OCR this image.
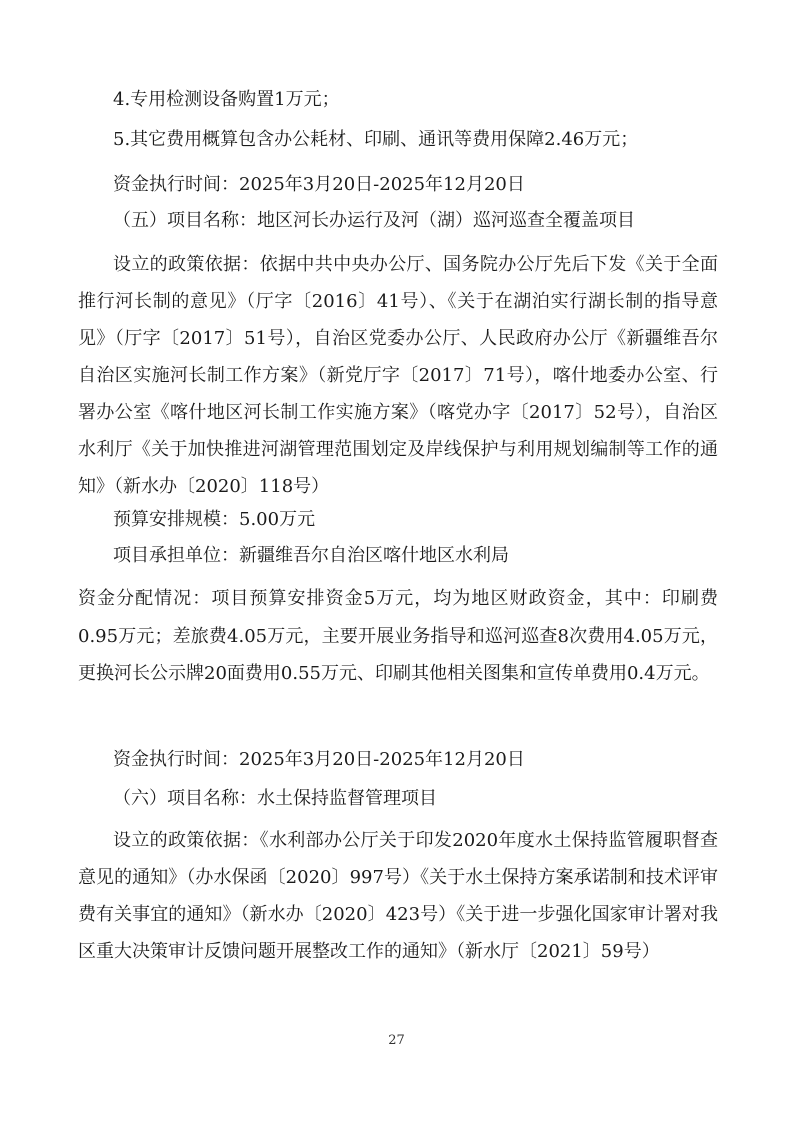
4.专用检测设备购置1万元；
5.其它费用概算包含办公耗材、印刷、通讯等费用保障2.46万元；
资金执行时间：2025年3月20日-2025年12月20日
（五）项目名称：地区河长办运行及河（湖）巡河巡查全覆盖项目
设立的政策依据：依据中共中央办公厅、国务院办公厅先后下发《关于全面推行河长制的意见》（厅字〔2016〕41号）、《关于在湖泊实行湖长制的指导意见》（厅字〔2017〕51号），自治区党委办公厅、人民政府办公厅《新疆维吾尔自治区实施河长制工作方案》（新党厅字〔2017〕71号），喀什地委办公室、行署办公室《喀什地区河长制工作实施方案》（喀党办字〔2017〕52号），自治区水利厅《关于加快推进河湖管理范围划定及岸线保护与利用规划编制等工作的通知》（新水办〔2020〕118号）
预算安排规模：5.00万元
项目承担单位：新疆维吾尔自治区喀什地区水利局
资金分配情况：项目预算安排资金5万元，均为地区财政资金，其中：印刷费0.95万元；差旅费4.05万元，主要开展业务指导和巡河巡查8次费用4.05万元，更换河长公示牌20面费用0.55万元、印刷其他相关图集和宣传单费用0.4万元。
资金执行时间：2025年3月20日-2025年12月20日
（六）项目名称：水土保持监督管理项目
设立的政策依据：《水利部办公厅关于印发2020年度水土保持监管履职督查意见的通知》（办水保函〔2020〕997号）《关于水土保持方案承诺制和技术评审费有关事宜的通知》（新水办〔2020〕423号）《关于进一步强化国家审计署对我区重大决策审计反馈问题开展整改工作的通知》（新水厅〔2021〕59号）
27
